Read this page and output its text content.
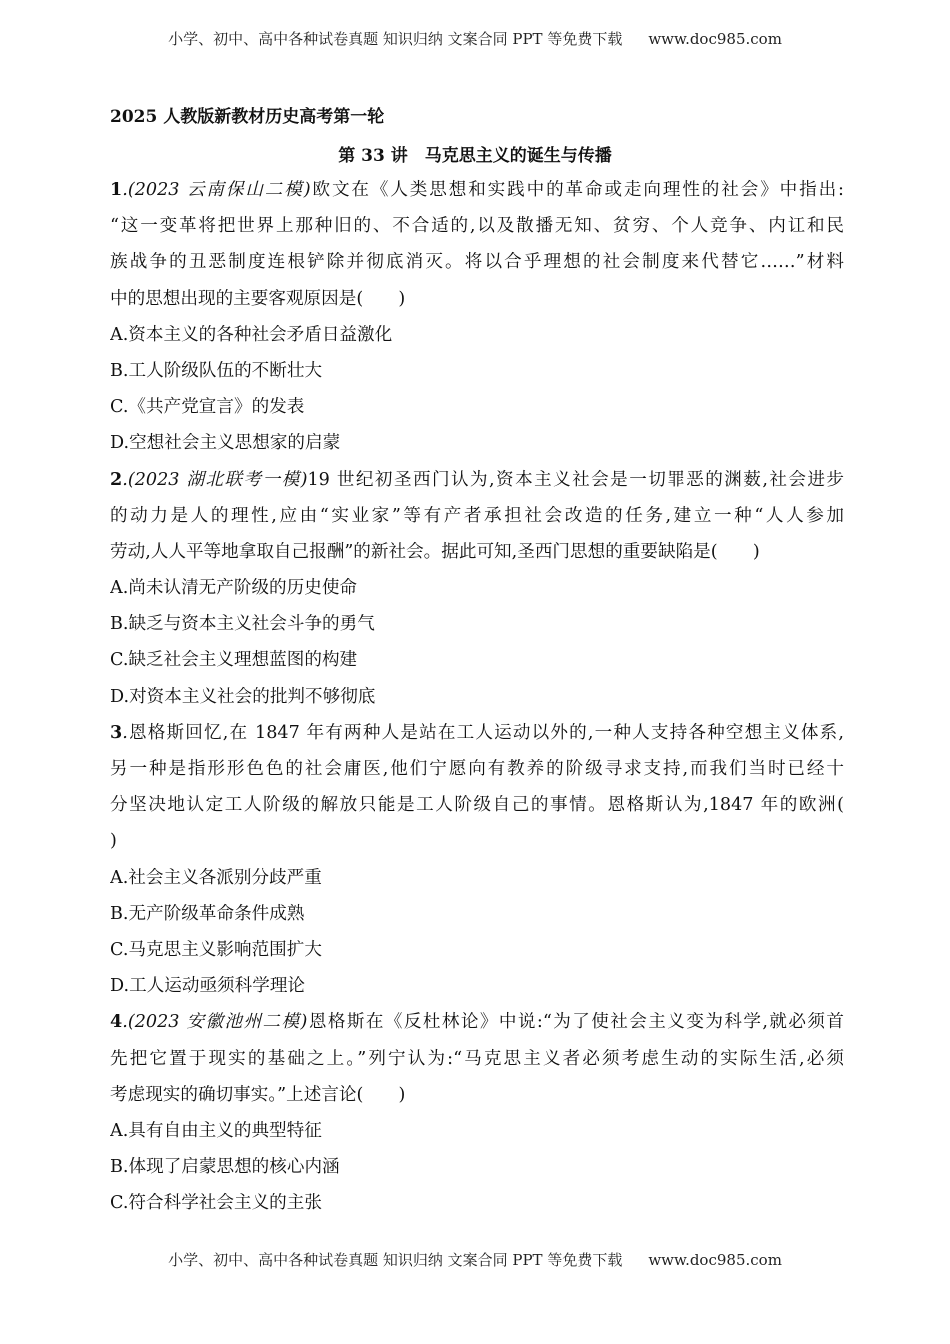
小学、初中、高中各种试卷真题 知识归纳 文案合同 PPT 等免费下载 www.doc985.com
2025 人教版新教材历史高考第一轮
第 33 讲　马克思主义的诞生与传播
1.(2023 云南保山二模)欧文在《人类思想和实践中的革命或走向理性的社会》中指出:
“这一变革将把世界上那种旧的、不合适的,以及散播无知、贫穷、个人竞争、内讧和民
族战争的丑恶制度连根铲除并彻底消灭。将以合乎理想的社会制度来代替它……”材料
中的思想出现的主要客观原因是(　　)
A.资本主义的各种社会矛盾日益激化
B.工人阶级队伍的不断壮大
C.《共产党宣言》的发表
D.空想社会主义思想家的启蒙
2.(2023 湖北联考一模)19 世纪初圣西门认为,资本主义社会是一切罪恶的渊薮,社会进步
的动力是人的理性,应由“实业家”等有产者承担社会改造的任务,建立一种“人人参加
劳动,人人平等地拿取自己报酬”的新社会。据此可知,圣西门思想的重要缺陷是(　　)
A.尚未认清无产阶级的历史使命
B.缺乏与资本主义社会斗争的勇气
C.缺乏社会主义理想蓝图的构建
D.对资本主义社会的批判不够彻底
3.恩格斯回忆,在 1847 年有两种人是站在工人运动以外的,一种人支持各种空想主义体系,
另一种是指形形色色的社会庸医,他们宁愿向有教养的阶级寻求支持,而我们当时已经十
分坚决地认定工人阶级的解放只能是工人阶级自己的事情。恩格斯认为,1847 年的欧洲(
)
A.社会主义各派别分歧严重
B.无产阶级革命条件成熟
C.马克思主义影响范围扩大
D.工人运动亟须科学理论
4.(2023 安徽池州二模)恩格斯在《反杜林论》中说:“为了使社会主义变为科学,就必须首
先把它置于现实的基础之上。”列宁认为:“马克思主义者必须考虑生动的实际生活,必须
考虑现实的确切事实。”上述言论(　　)
A.具有自由主义的典型特征
B.体现了启蒙思想的核心内涵
C.符合科学社会主义的主张
小学、初中、高中各种试卷真题 知识归纳 文案合同 PPT 等免费下载 www.doc985.com
